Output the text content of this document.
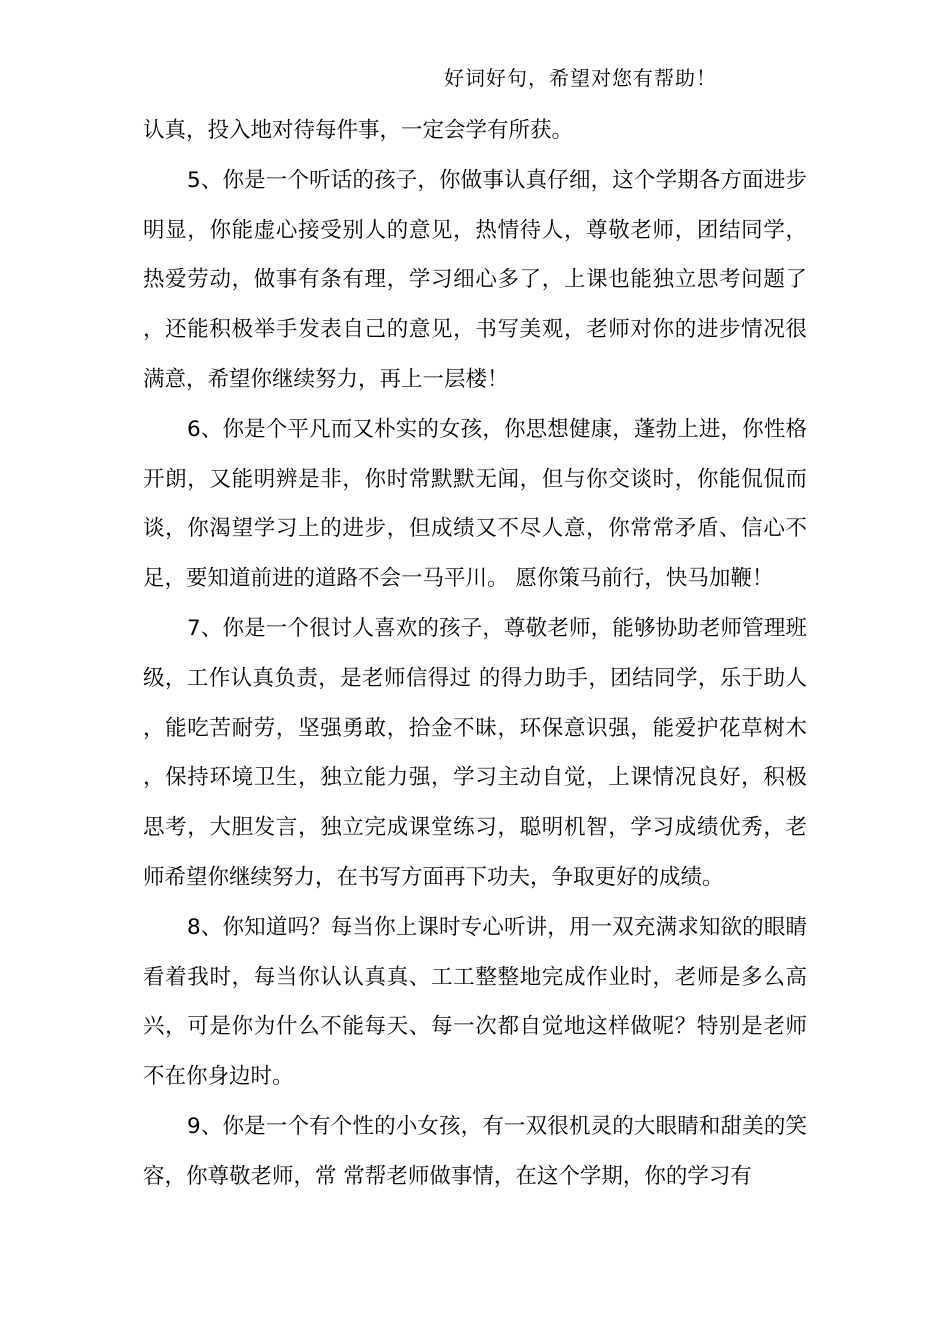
好词好句，希望对您有帮助！

认真，投入地对待每件事，一定会学有所获。

5、你是一个听话的孩子，你做事认真仔细，这个学期各方面进步明显，你能虚心接受别人的意见，热情待人，尊敬老师，团结同学，热爱劳动，做事有条有理，学习细心多了，上课也能独立思考问题了，还能积极举手发表自己的意见，书写美观，老师对你的进步情况很满意，希望你继续努力，再上一层楼！

6、你是个平凡而又朴实的女孩，你思想健康，蓬勃上进，你性格开朗，又能明辨是非，你时常默默无闻，但与你交谈时，你能侃侃而谈，你渴望学习上的进步，但成绩又不尽人意，你常常矛盾、信心不足，要知道前进的道路不会一马平川。 愿你策马前行，快马加鞭！

7、你是一个很讨人喜欢的孩子，尊敬老师，能够协助老师管理班级，工作认真负责，是老师信得过 的得力助手，团结同学，乐于助人，能吃苦耐劳，坚强勇敢，拾金不昧，环保意识强，能爱护花草树木，保持环境卫生，独立能力强，学习主动自觉，上课情况良好，积极思考，大胆发言，独立完成课堂练习，聪明机智，学习成绩优秀，老师希望你继续努力，在书写方面再下功夫，争取更好的成绩。

8、你知道吗？每当你上课时专心听讲，用一双充满求知欲的眼睛看着我时，每当你认认真真、工工整整地完成作业时，老师是多么高兴，可是你为什么不能每天、每一次都自觉地这样做呢？特别是老师不在你身边时。

9、你是一个有个性的小女孩，有一双很机灵的大眼睛和甜美的笑容，你尊敬老师，常 常帮老师做事情，在这个学期，你的学习有
